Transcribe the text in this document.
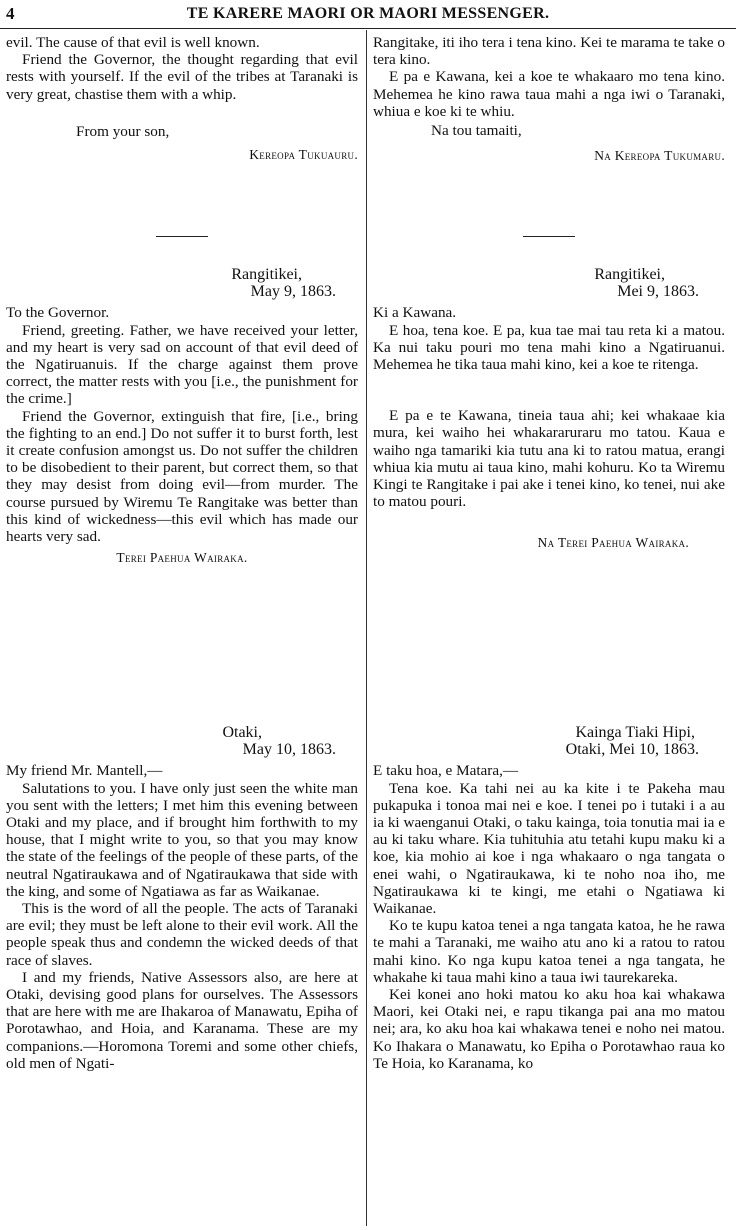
4	TE KARERE MAORI OR MAORI MESSENGER.

evil. The cause of that evil is well known.

Friend the Governor, the thought regarding that evil rests with yourself. If the evil of the tribes at Taranaki is very great, chastise them with a whip.

From your son,
Kereopa Tukuauru.
Rangitikei,
May 9, 1863.

To the Governor.

Friend, greeting. Father, we have received your letter, and my heart is very sad on account of that evil deed of the Ngatiruanuis. If the charge against them prove correct, the matter rests with you [i.e., the punishment for the crime.]

Friend the Governor, extinguish that fire, [i.e., bring the fighting to an end.] Do not suffer it to burst forth, lest it create confusion amongst us. Do not suffer the children to be disobedient to their parent, but correct them, so that they may desist from doing evil—from murder. The course pursued by Wiremu Te Rangitake was better than this kind of wickedness—this evil which has made our hearts very sad.

Terei Paehua Wairaka.
Otaki,
May 10, 1863.

My friend Mr. Mantell,—

Salutations to you. I have only just seen the white man you sent with the letters; I met him this evening between Otaki and my place, and if brought him forthwith to my house, that I might write to you, so that you may know the state of the feelings of the people of these parts, of the neutral Ngatiraukawa and of Ngatiraukawa that side with the king, and some of Ngatiawa as far as Waikanae.

This is the word of all the people. The acts of Taranaki are evil; they must be left alone to their evil work. All the people speak thus and condemn the wicked deeds of that race of slaves.

I and my friends, Native Assessors also, are here at Otaki, devising good plans for ourselves. The Assessors that are here with me are Ihakaroa of Manawatu, Epiha of Porotawhao, and Hoia, and Karanama. These are my companions.—Horomona Toremi and some other chiefs, old men of Ngati-

Rangitake, iti iho tera i tena kino. Kei te marama te take o tera kino.

E pa e Kawana, kei a koe te whakaaro mo tena kino. Mehemea he kino rawa taua mahi a nga iwi o Taranaki, whiua e koe ki te whiu.

Na tou tamaiti,
Na Kereopa Tukumaru.
Rangitikei,
Mei 9, 1863.

Ki a Kawana.

E hoa, tena koe. E pa, kua tae mai tau reta ki a matou. Ka nui taku pouri mo tena mahi kino a Ngatiruanui. Mehemea he tika taua mahi kino, kei a koe te ritenga.

E pa e te Kawana, tineia taua ahi; kei whakaae kia mura, kei waiho hei whakararuraru mo tatou. Kaua e waiho nga tamariki kia tutu ana ki to ratou matua, erangi whiua kia mutu ai taua kino, mahi kohuru. Ko ta Wiremu Kingi te Rangitake i pai ake i tenei kino, ko tenei, nui ake to matou pouri.

Na Terei Paehua Wairaka.
Kainga Tiaki Hipi,
Otaki, Mei 10, 1863.

E taku hoa, e Matara,—

Tena koe. Ka tahi nei au ka kite i te Pakeha mau pukapuka i tonoa mai nei e koe. I tenei po i tutaki i a au ia ki waenganui Otaki, o taku kainga, toia tonutia mai ia e au ki taku whare. Kia tuhituhia atu tetahi kupu maku ki a koe, kia mohio ai koe i nga whakaaro o nga tangata o enei wahi, o Ngatiraukawa, ki te noho noa iho, me Ngatiraukawa ki te kingi, me etahi o Ngatiawa ki Waikanae.

Ko te kupu katoa tenei a nga tangata katoa, he he rawa te mahi a Taranaki, me waiho atu ano ki a ratou to ratou mahi kino. Ko nga kupu katoa tenei a nga tangata, he whakahe ki taua mahi kino a taua iwi taurekareka.

Kei konei ano hoki matou ko aku hoa kai whakawa Maori, kei Otaki nei, e rapu tikanga pai ana mo matou nei; ara, ko aku hoa kai whakawa tenei e noho nei matou. Ko Ihakara o Manawatu, ko Epiha o Porotawhao raua ko Te Hoia, ko Karanama, ko
